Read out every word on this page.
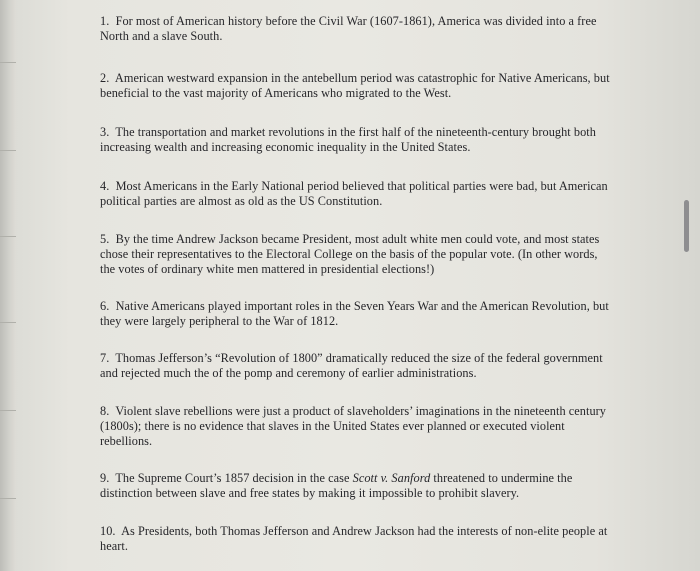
1. For most of American history before the Civil War (1607-1861), America was divided into a free North and a slave South.
2. American westward expansion in the antebellum period was catastrophic for Native Americans, but beneficial to the vast majority of Americans who migrated to the West.
3. The transportation and market revolutions in the first half of the nineteenth-century brought both increasing wealth and increasing economic inequality in the United States.
4. Most Americans in the Early National period believed that political parties were bad, but American political parties are almost as old as the US Constitution.
5. By the time Andrew Jackson became President, most adult white men could vote, and most states chose their representatives to the Electoral College on the basis of the popular vote. (In other words, the votes of ordinary white men mattered in presidential elections!)
6. Native Americans played important roles in the Seven Years War and the American Revolution, but they were largely peripheral to the War of 1812.
7. Thomas Jefferson’s “Revolution of 1800” dramatically reduced the size of the federal government and rejected much the of the pomp and ceremony of earlier administrations.
8. Violent slave rebellions were just a product of slaveholders’ imaginations in the nineteenth century (1800s); there is no evidence that slaves in the United States ever planned or executed violent rebellions.
9. The Supreme Court’s 1857 decision in the case Scott v. Sanford threatened to undermine the distinction between slave and free states by making it impossible to prohibit slavery.
10. As Presidents, both Thomas Jefferson and Andrew Jackson had the interests of non-elite people at heart.
